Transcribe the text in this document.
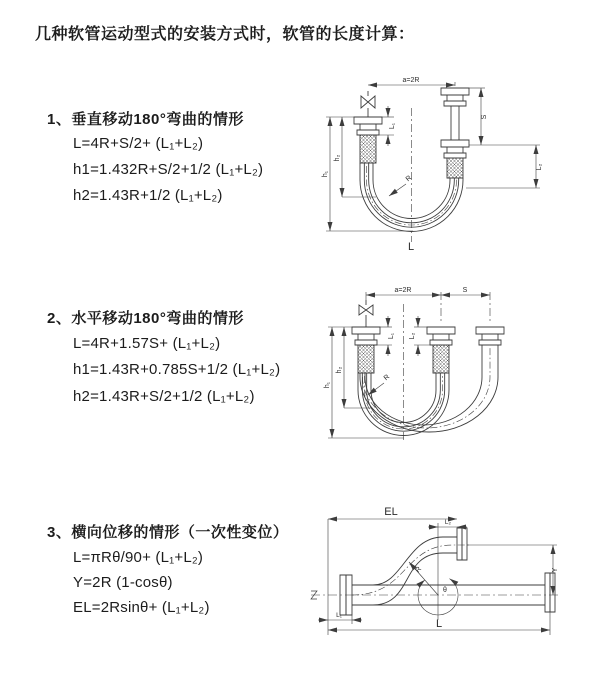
几种软管运动型式的安装方式时，软管的长度计算：
1、垂直移动180°弯曲的情形
L=4R+S/2+ (L₁+L₂)
h1=1.432R+S/2+1/2 (L₁+L₂)
h2=1.43R+1/2 (L₁+L₂)
2、水平移动180°弯曲的情形
L=4R+1.57S+ (L₁+L₂)
h1=1.43R+0.785S+1/2 (L₁+L₂)
h2=1.43R+S/2+1/2 (L₁+L₂)
3、横向位移的情形（一次性变位）
L=πRθ/90+ (L₁+L₂)
Y=2R (1-cosθ)
EL=2Rsinθ+ (L₁+L₂)
a=2R
S
L₂
L₁
h₁
h₂
R
L
a=2R	S
L₁ L₂
h₁
h₂
R
θ
R
EL
L₂
Y
L
L₁
